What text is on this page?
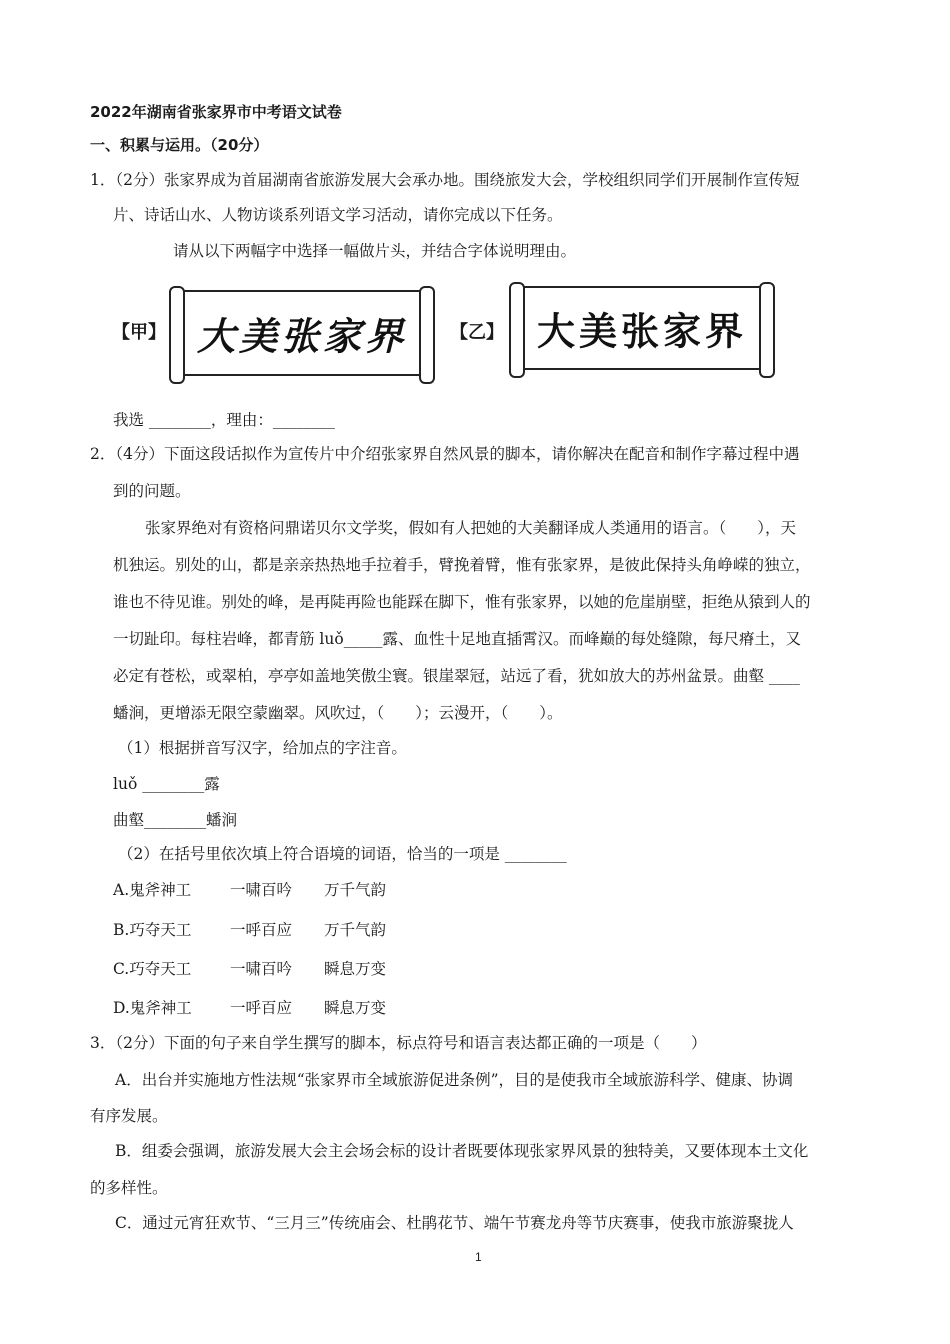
2022年湖南省张家界市中考语文试卷
一、积累与运用。（20分）
1．（2分）张家界成为首届湖南省旅游发展大会承办地。围绕旅发大会，学校组织同学们开展制作宣传短
片、诗话山水、人物访谈系列语文学习活动，请你完成以下任务。
请从以下两幅字中选择一幅做片头，并结合字体说明理由。
【甲】 大美张家界	【乙】 大美张家界
我选 ________，理由：________
2．（4分）下面这段话拟作为宣传片中介绍张家界自然风景的脚本，请你解决在配音和制作字幕过程中遇
到的问题。
张家界绝对有资格问鼎诺贝尔文学奖，假如有人把她的大美翻译成人类通用的语言。（　　），天
机独运。别处的山，都是亲亲热热地手拉着手，臂挽着臂，惟有张家界，是彼此保持头角峥嵘的独立，
谁也不待见谁。别处的峰，是再陡再险也能踩在脚下，惟有张家界，以她的危崖崩壁，拒绝从猿到人的
一切趾印。每柱岩峰，都青筋 luǒ_____露、血性十足地直插霄汉。而峰巅的每处缝隙，每尺瘠土，又
必定有苍松，或翠柏，亭亭如盖地笑傲尘寰。银崖翠冠，站远了看，犹如放大的苏州盆景。曲壑 ____
蟠涧，更增添无限空蒙幽翠。风吹过，（　　）；云漫开，（　　）。
（1）根据拼音写汉字，给加点的字注音。
luǒ ________露
曲壑________蟠涧
（2）在括号里依次填上符合语境的词语，恰当的一项是 ________
A.鬼斧神工	一啸百吟 万千气韵
B.巧夺天工 一呼百应 万千气韵
C.巧夺天工	一啸百吟 瞬息万变
D.鬼斧神工 一呼百应 瞬息万变
3．（2分）下面的句子来自学生撰写的脚本，标点符号和语言表达都正确的一项是（　　）
A．出台并实施地方性法规“张家界市全域旅游促进条例”，目的是使我市全域旅游科学、健康、协调
有序发展。
B．组委会强调，旅游发展大会主会场会标的设计者既要体现张家界风景的独特美，又要体现本土文化
的多样性。
C．通过元宵狂欢节、“三月三”传统庙会、杜鹃花节、端午节赛龙舟等节庆赛事，使我市旅游聚拢人
1
